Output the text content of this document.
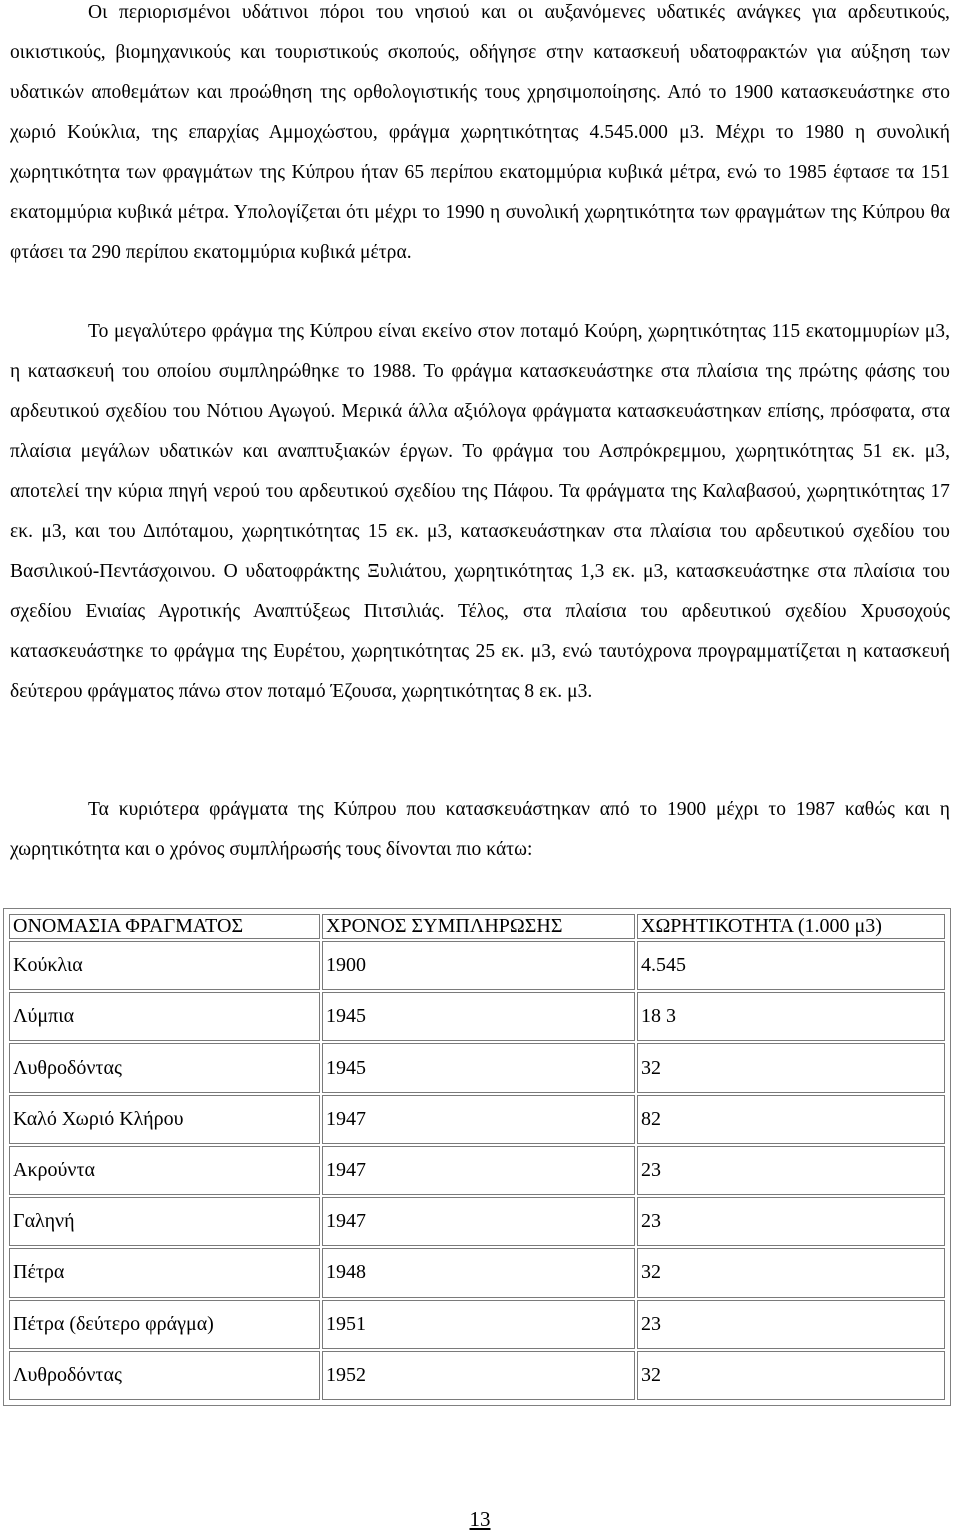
Οι περιορισμένοι υδάτινοι πόροι του νησιού και οι αυξανόμενες υδατικές ανάγκες για αρδευτικούς, οικιστικούς, βιομηχανικούς και τουριστικούς σκοπούς, οδήγησε στην κατασκευή υδατοφρακτών για αύξηση των υδατικών αποθεμάτων και προώθηση της ορθολογιστικής τους χρησιμοποίησης. Από το 1900 κατασκευάστηκε στο χωριό Κούκλια, της επαρχίας Αμμοχώστου, φράγμα χωρητικότητας 4.545.000 μ3. Μέχρι το 1980 η συνολική χωρητικότητα των φραγμάτων της Κύπρου ήταν 65 περίπου εκατομμύρια κυβικά μέτρα, ενώ το 1985 έφτασε τα 151 εκατομμύρια κυβικά μέτρα. Υπολογίζεται ότι μέχρι το 1990 η συνολική χωρητικότητα των φραγμάτων της Κύπρου θα φτάσει τα 290 περίπου εκατομμύρια κυβικά μέτρα.

Το μεγαλύτερο φράγμα της Κύπρου είναι εκείνο στον ποταμό Κούρη, χωρητικότητας 115 εκατομμυρίων μ3, η κατασκευή του οποίου συμπληρώθηκε το 1988. Το φράγμα κατασκευάστηκε στα πλαίσια της πρώτης φάσης του αρδευτικού σχεδίου του Νότιου Αγωγού. Μερικά άλλα αξιόλογα φράγματα κατασκευάστηκαν επίσης, πρόσφατα, στα πλαίσια μεγάλων υδατικών και αναπτυξιακών έργων. Το φράγμα του Ασπρόκρεμμου, χωρητικότητας 51 εκ. μ3, αποτελεί την κύρια πηγή νερού του αρδευτικού σχεδίου της Πάφου. Τα φράγματα της Καλαβασού, χωρητικότητας 17 εκ. μ3, και του Διπόταμου, χωρητικότητας 15 εκ. μ3, κατασκευάστηκαν στα πλαίσια του αρδευτικού σχεδίου του Βασιλικού-Πεντάσχοινου. Ο υδατοφράκτης Ξυλιάτου, χωρητικότητας 1,3 εκ. μ3, κατασκευάστηκε στα πλαίσια του σχεδίου Ενιαίας Αγροτικής Αναπτύξεως Πιτσιλιάς. Τέλος, στα πλαίσια του αρδευτικού σχεδίου Χρυσοχούς κατασκευάστηκε το φράγμα της Ευρέτου, χωρητικότητας 25 εκ. μ3, ενώ ταυτόχρονα προγραμματίζεται η κατασκευή δεύτερου φράγματος πάνω στον ποταμό Έζουσα, χωρητικότητας 8 εκ. μ3.

Τα κυριότερα φράγματα της Κύπρου που κατασκευάστηκαν από το 1900 μέχρι το 1987 καθώς και η χωρητικότητα και ο χρόνος συμπλήρωσής τους δίνονται πιο κάτω:

ΟΝΟΜΑΣΙΑ ΦΡΑΓΜΑΤΟΣ	ΧΡΟΝΟΣ ΣΥΜΠΛΗΡΩΣΗΣ	ΧΩΡΗΤΙΚΟΤΗΤΑ (1.000 μ3)
Κούκλια	1900	4.545
Λύμπια	1945	18 3
Λυθροδόντας	1945	32
Καλό Χωριό Κλήρου	1947	82
Ακρούντα	1947	23
Γαληνή	1947	23
Πέτρα	1948	32
Πέτρα (δεύτερο φράγμα)	1951	23
Λυθροδόντας	1952	32
13
